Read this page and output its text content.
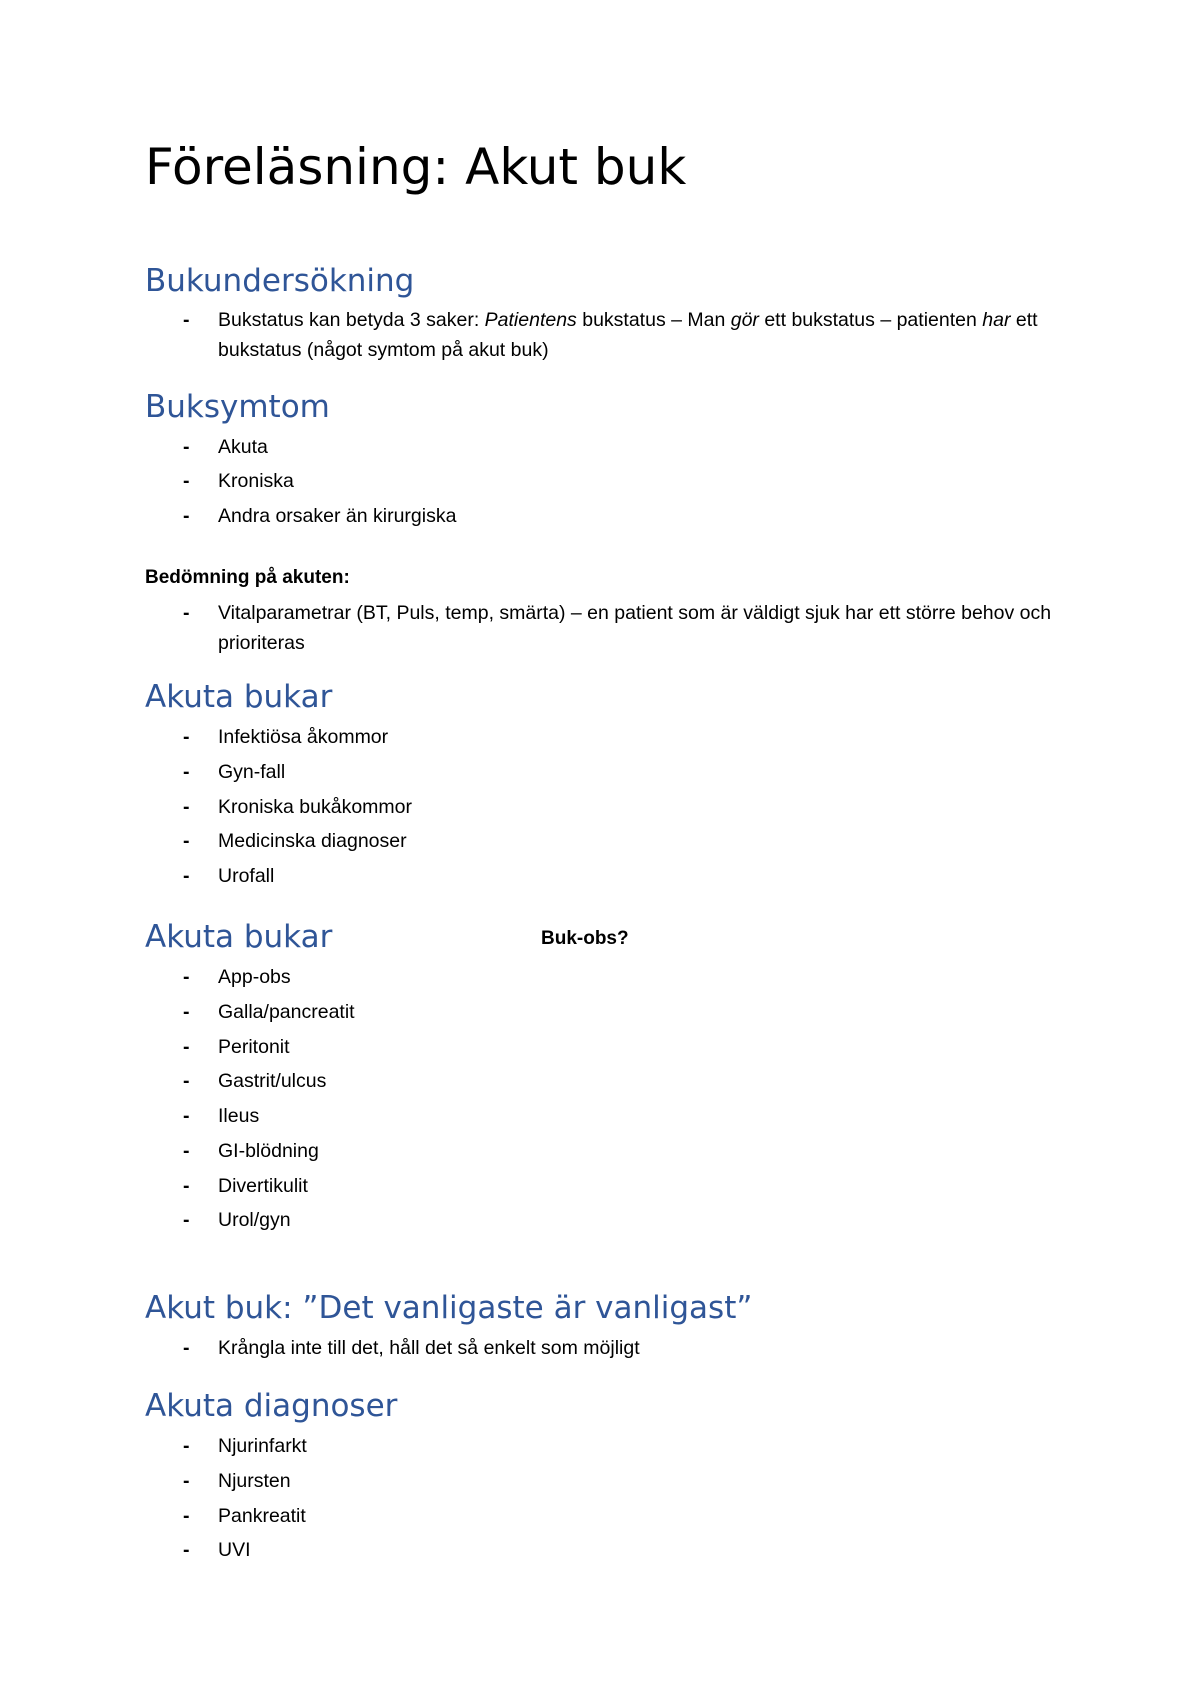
Föreläsning: Akut buk
Bukundersökning
- Bukstatus kan betyda 3 saker: Patientens bukstatus – Man gör ett bukstatus – patienten har ett bukstatus (något symtom på akut buk)
Buksymtom
- Akuta
- Kroniska
- Andra orsaker än kirurgiska
Bedömning på akuten:
- Vitalparametrar (BT, Puls, temp, smärta) – en patient som är väldigt sjuk har ett större behov och prioriteras
Akuta bukar
- Infektiösa åkommor
- Gyn-fall
- Kroniska bukåkommor
- Medicinska diagnoser
- Urofall
Akuta bukar	Buk-obs?
- App-obs
- Galla/pancreatit
- Peritonit
- Gastrit/ulcus
- Ileus
- GI-blödning
- Divertikulit
- Urol/gyn
Akut buk: ”Det vanligaste är vanligast”
- Krångla inte till det, håll det så enkelt som möjligt
Akuta diagnoser
- Njurinfarkt
- Njursten
- Pankreatit
- UVI
